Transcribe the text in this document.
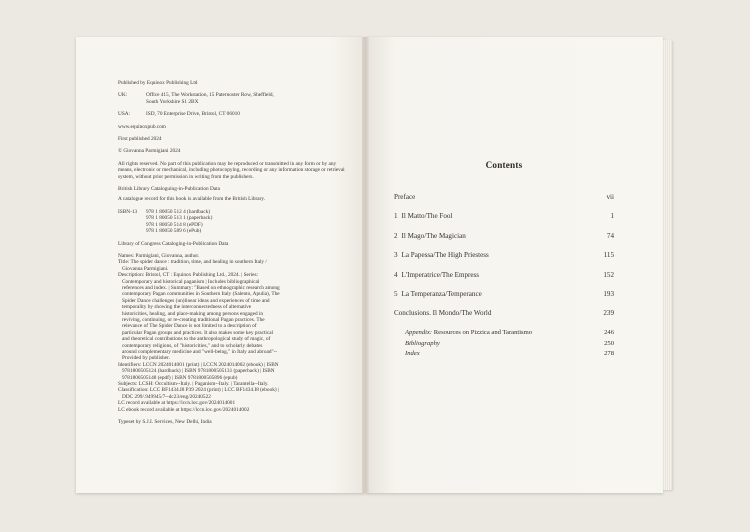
Published by Equinox Publishing Ltd

UK:	Office 415, The Workstation, 15 Paternoster Row, Sheffield,
South Yorkshire S1 2BX

USA:	ISD, 70 Enterprise Drive, Bristol, CT 06010

www.equinoxpub.com

First published 2024

© Giovanna Parmigiani 2024

All rights reserved. No part of this publication may be reproduced or transmitted in any form or by any means, electronic or mechanical, including photocopying, recording or any information storage or retrieval system, without prior permission in writing from the publishers.

British Library Cataloguing-in-Publication Data

A catalogue record for this book is available from the British Library.

ISBN-13	978 1 80050 512 4 (hardback)
978 1 80050 513 1 (paperback)
978 1 80050 514 8 (ePDF)
978 1 80050 589 6 (ePub)

Library of Congress Cataloging-in-Publication Data

Names: Parmigiani, Giovanna, author.
Title: The spider dance : tradition, time, and healing in southern Italy /
Giovanna Parmigiani.
Description: Bristol, CT : Equinox Publishing Ltd., 2024. | Series:
Contemporary and historical paganism | Includes bibliographical
references and index. | Summary: "Based on ethnographic research among
contemporary Pagan communities in Southern Italy (Salento, Apulia), The
Spider Dance challenges (un)linear ideas and experiences of time and
temporality by showing the interconnectedness of alternative
historicities, healing, and place-making among persons engaged in
reviving, continuing, or re-creating traditional Pagan practices. The
relevance of The Spider Dance is not limited to a description of
particular Pagan groups and practices. It also makes some key practical
and theoretical contributions to the anthropological study of magic, of
contemporary religions, of "historicities," and to scholarly debates
around complementary medicine and "well-being," in Italy and abroad"--
Provided by publisher.
Identifiers: LCCN 2024014001 (print) | LCCN 2024014002 (ebook) | ISBN
9781800505124 (hardback) | ISBN 9781800505131 (paperback) | ISBN
9781800505148 (epdf) | ISBN 9781800505896 (epub)
Subjects: LCSH: Occultism--Italy. | Paganism--Italy. | Tarantella--Italy.
Classification: LCC BF1434.I8 P39 2024 (print) | LCC BF1434.I8 (ebook) |
DDC 299/.949945/7--dc23/eng/20240522
LC record available at https://lccn.loc.gov/2024014001
LC ebook record available at https://lccn.loc.gov/2024014002

Typeset by S.J.I. Services, New Delhi, India

Contents
Preface	vii
1 Il Matto/The Fool	1
2 Il Mago/The Magician	74
3 La Papessa/The High Priestess	115
4 L'Imperatrice/The Empress	152
5 La Temperanza/Temperance	193
Conclusions. Il Mondo/The World	239
Appendix: Resources on Pizzica and Tarantismo	246
Bibliography	250
Index	278
